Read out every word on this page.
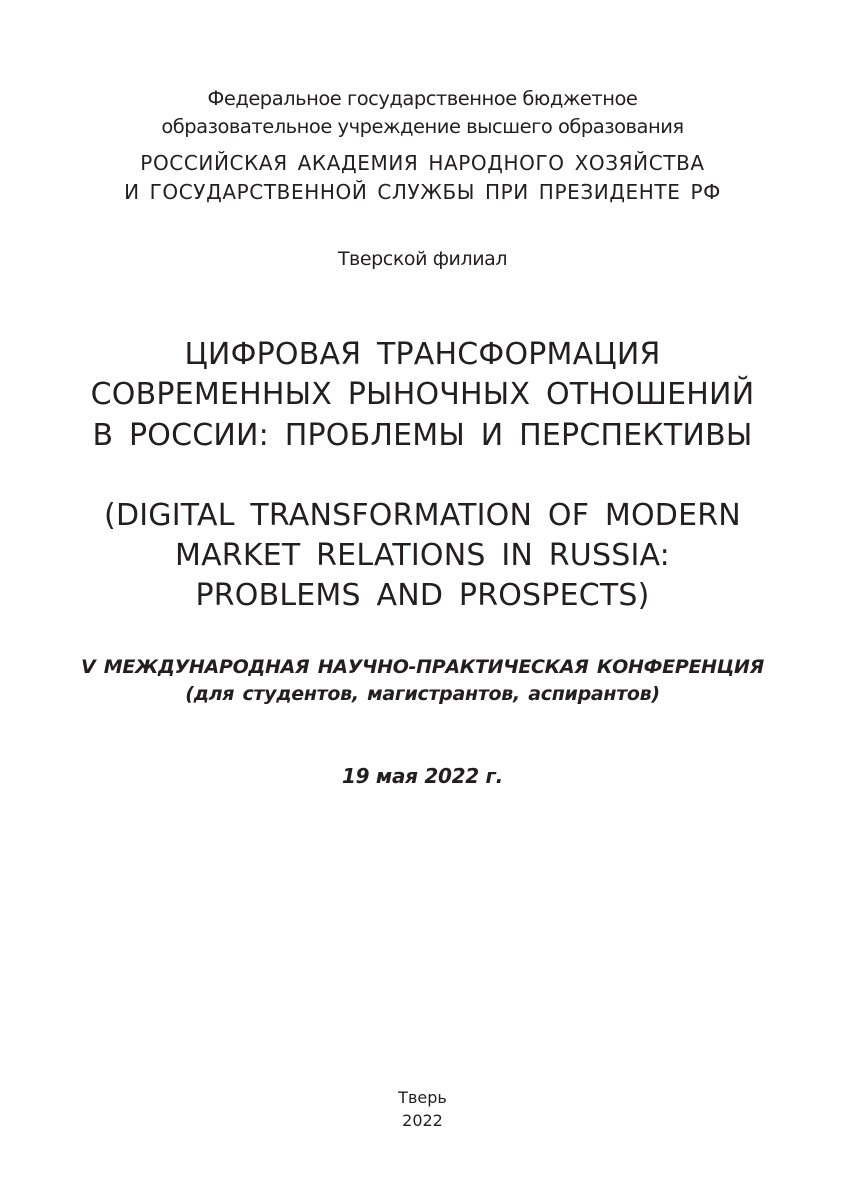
Федеральное государственное бюджетное

образовательное учреждение высшего образования

РОССИЙСКАЯ АКАДЕМИЯ НАРОДНОГО ХОЗЯЙСТВА

И ГОСУДАРСТВЕННОЙ СЛУЖБЫ ПРИ ПРЕЗИДЕНТЕ РФ

Тверской филиал

ЦИФРОВАЯ ТРАНСФОРМАЦИЯ

СОВРЕМЕННЫХ РЫНОЧНЫХ ОТНОШЕНИЙ

В РОССИИ: ПРОБЛЕМЫ И ПЕРСПЕКТИВЫ

(DIGITAL TRANSFORMATION OF MODERN

MARKET RELATIONS IN RUSSIA:

PROBLEMS AND PROSPECTS)

V МЕЖДУНАРОДНАЯ НАУЧНО-ПРАКТИЧЕСКАЯ КОНФЕРЕНЦИЯ

(для студентов, магистрантов, аспирантов)

19 мая 2022 г.

Тверь

2022
